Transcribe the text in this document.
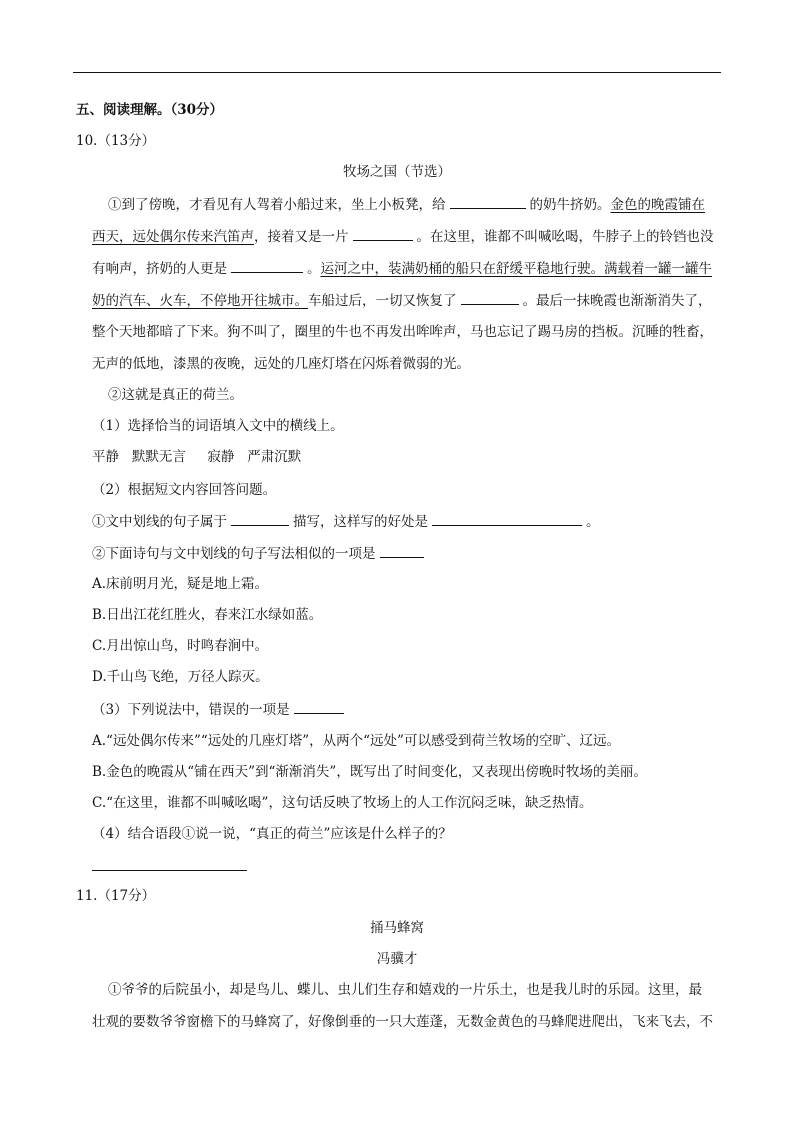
五、阅读理解。（30分）
10.（13分）
牧场之国（节选）
①到了傍晚，才看见有人驾着小船过来，坐上小板凳，给	的奶牛挤奶。金色的晚霞铺在
西天，远处偶尔传来汽笛声，接着又是一片	。在这里，谁都不叫喊吆喝，牛脖子上的铃铛也没
有响声，挤奶的人更是	。运河之中，装满奶桶的船只在舒缓平稳地行驶。满载着一罐一罐牛
奶的汽车、火车，不停地开往城市。车船过后，一切又恢复了	。最后一抹晚霞也渐渐消失了，
整个天地都暗了下来。狗不叫了，圈里的牛也不再发出哞哞声，马也忘记了踢马房的挡板。沉睡的牲畜，
无声的低地，漆黑的夜晚，远处的几座灯塔在闪烁着微弱的光。
②这就是真正的荷兰。
（1）选择恰当的词语填入文中的横线上。
平静   默默无言     寂静   严肃沉默
（2）根据短文内容回答问题。
①文中划线的句子属于	描写，这样写的好处是	。
②下面诗句与文中划线的句子写法相似的一项是
A.床前明月光，疑是地上霜。
B.日出江花红胜火，春来江水绿如蓝。
C.月出惊山鸟，时鸣春涧中。
D.千山鸟飞绝，万径人踪灭。
（3）下列说法中，错误的一项是
A.“远处偶尔传来”“远处的几座灯塔”，从两个“远处”可以感受到荷兰牧场的空旷、辽远。
B.金色的晚霞从“铺在西天”到“渐渐消失”，既写出了时间变化，又表现出傍晚时牧场的美丽。
C.“在这里，谁都不叫喊吆喝”，这句话反映了牧场上的人工作沉闷乏味，缺乏热情。
（4）结合语段①说一说，“真正的荷兰”应该是什么样子的？
11.（17分）
捅马蜂窝
冯骥才
①爷爷的后院虽小，却是鸟儿、蝶儿、虫儿们生存和嬉戏的一片乐土，也是我儿时的乐园。这里，最
壮观的要数爷爷窗檐下的马蜂窝了，好像倒垂的一只大莲蓬，无数金黄色的马蜂爬进爬出，飞来飞去，不
